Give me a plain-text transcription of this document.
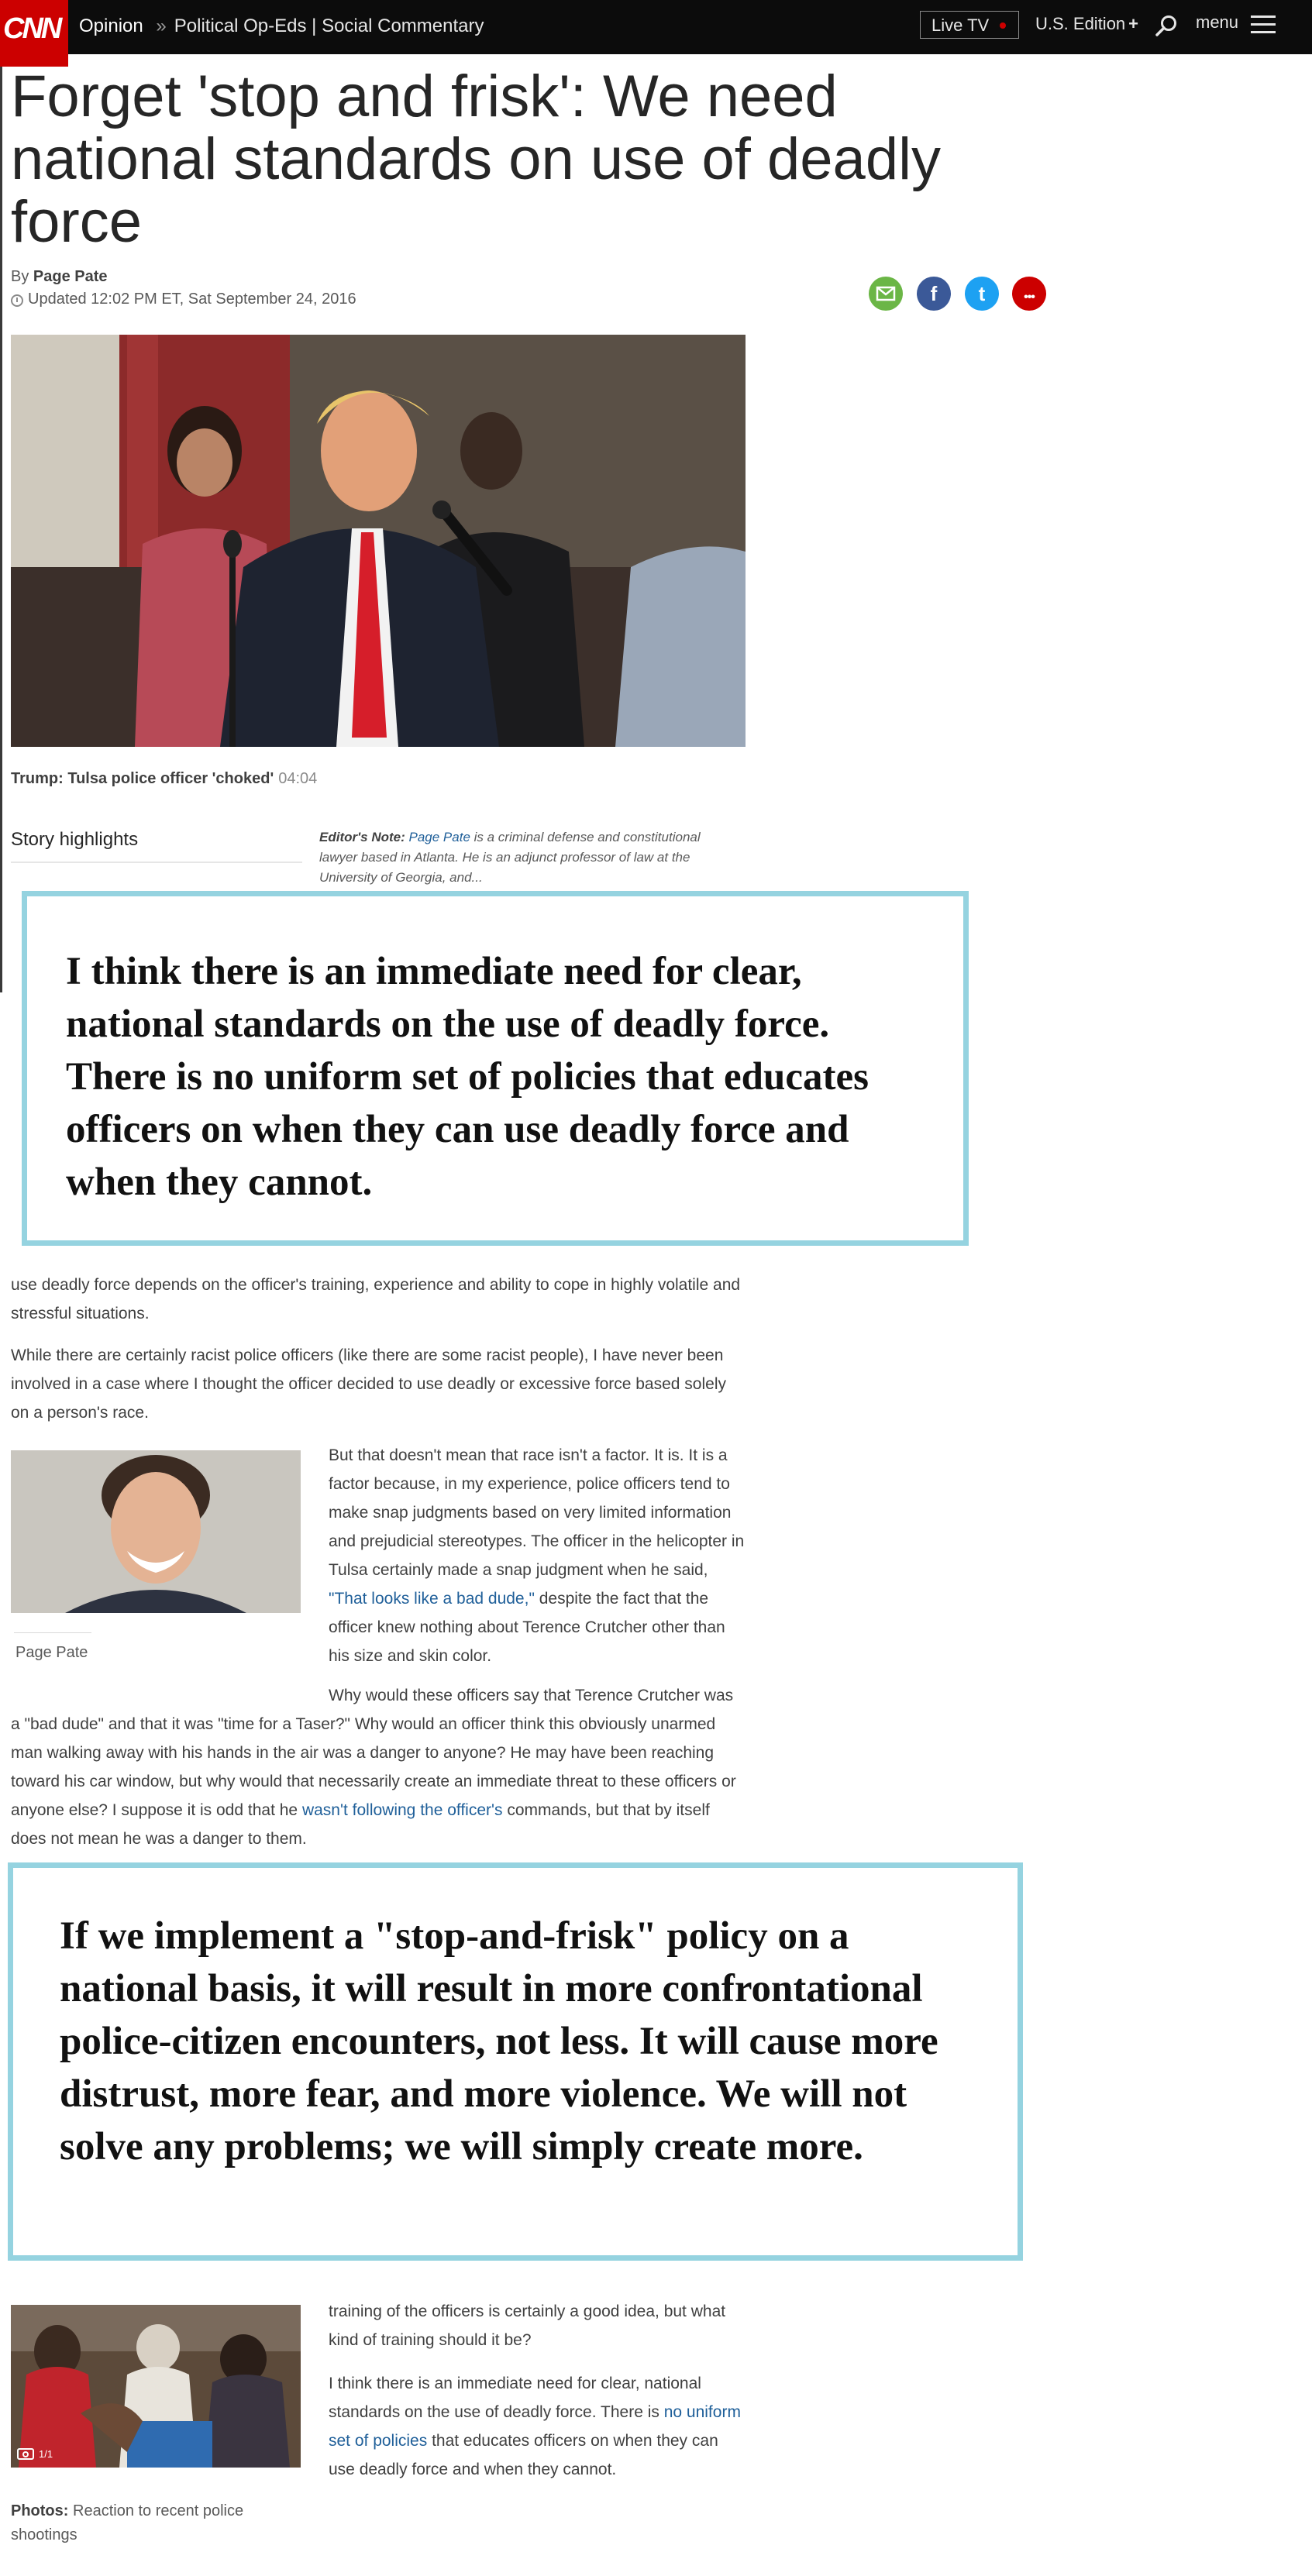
Opinion » Political Op-Eds | Social Commentary	Live TV	U.S. Edition +	menu
CNN
Forget 'stop and frisk': We need national standards on use of deadly force
By Page Pate
Updated 12:02 PM ET, Sat September 24, 2016	f	t	•••
Trump: Tulsa police officer 'choked' 04:04
Story highlights	Editor's Note: Page Pate is a criminal defense and constitutional lawyer based in Atlanta. He is an adjunct professor of law at the University of Georgia, and...
I think there is an immediate need for clear, national standards on the use of deadly force. There is no uniform set of policies that educates officers on when they can use deadly force and when they cannot.

use deadly force depends on the officer's training, experience and ability to cope in highly volatile and stressful situations.

While there are certainly racist police officers (like there are some racist people), I have never been involved in a case where I thought the officer decided to use deadly or excessive force based solely on a person's race.

Page Pate

But that doesn't mean that race isn't a factor. It is. It is a factor because, in my experience, police officers tend to make snap judgments based on very limited information and prejudicial stereotypes. The officer in the helicopter in Tulsa certainly made a snap judgment when he said, "That looks like a bad dude," despite the fact that the officer knew nothing about Terence Crutcher other than his size and skin color.

Why would these officers say that Terence Crutcher was a "bad dude" and that it was "time for a Taser?" Why would an officer think this obviously unarmed man walking away with his hands in the air was a danger to anyone? He may have been reaching toward his car window, but why would that necessarily create an immediate threat to these officers or anyone else? I suppose it is odd that he wasn't following the officer's commands, but that by itself does not mean he was a danger to them.

If we implement a "stop-and-frisk" policy on a national basis, it will result in more confrontational police-citizen encounters, not less. It will cause more distrust, more fear, and more violence. We will not solve any problems; we will simply create more.
1/1
Photos: Reaction to recent police shootings

training of the officers is certainly a good idea, but what kind of training should it be?

I think there is an immediate need for clear, national standards on the use of deadly force. There is no uniform set of policies that educates officers on when they can use deadly force and when they cannot.
